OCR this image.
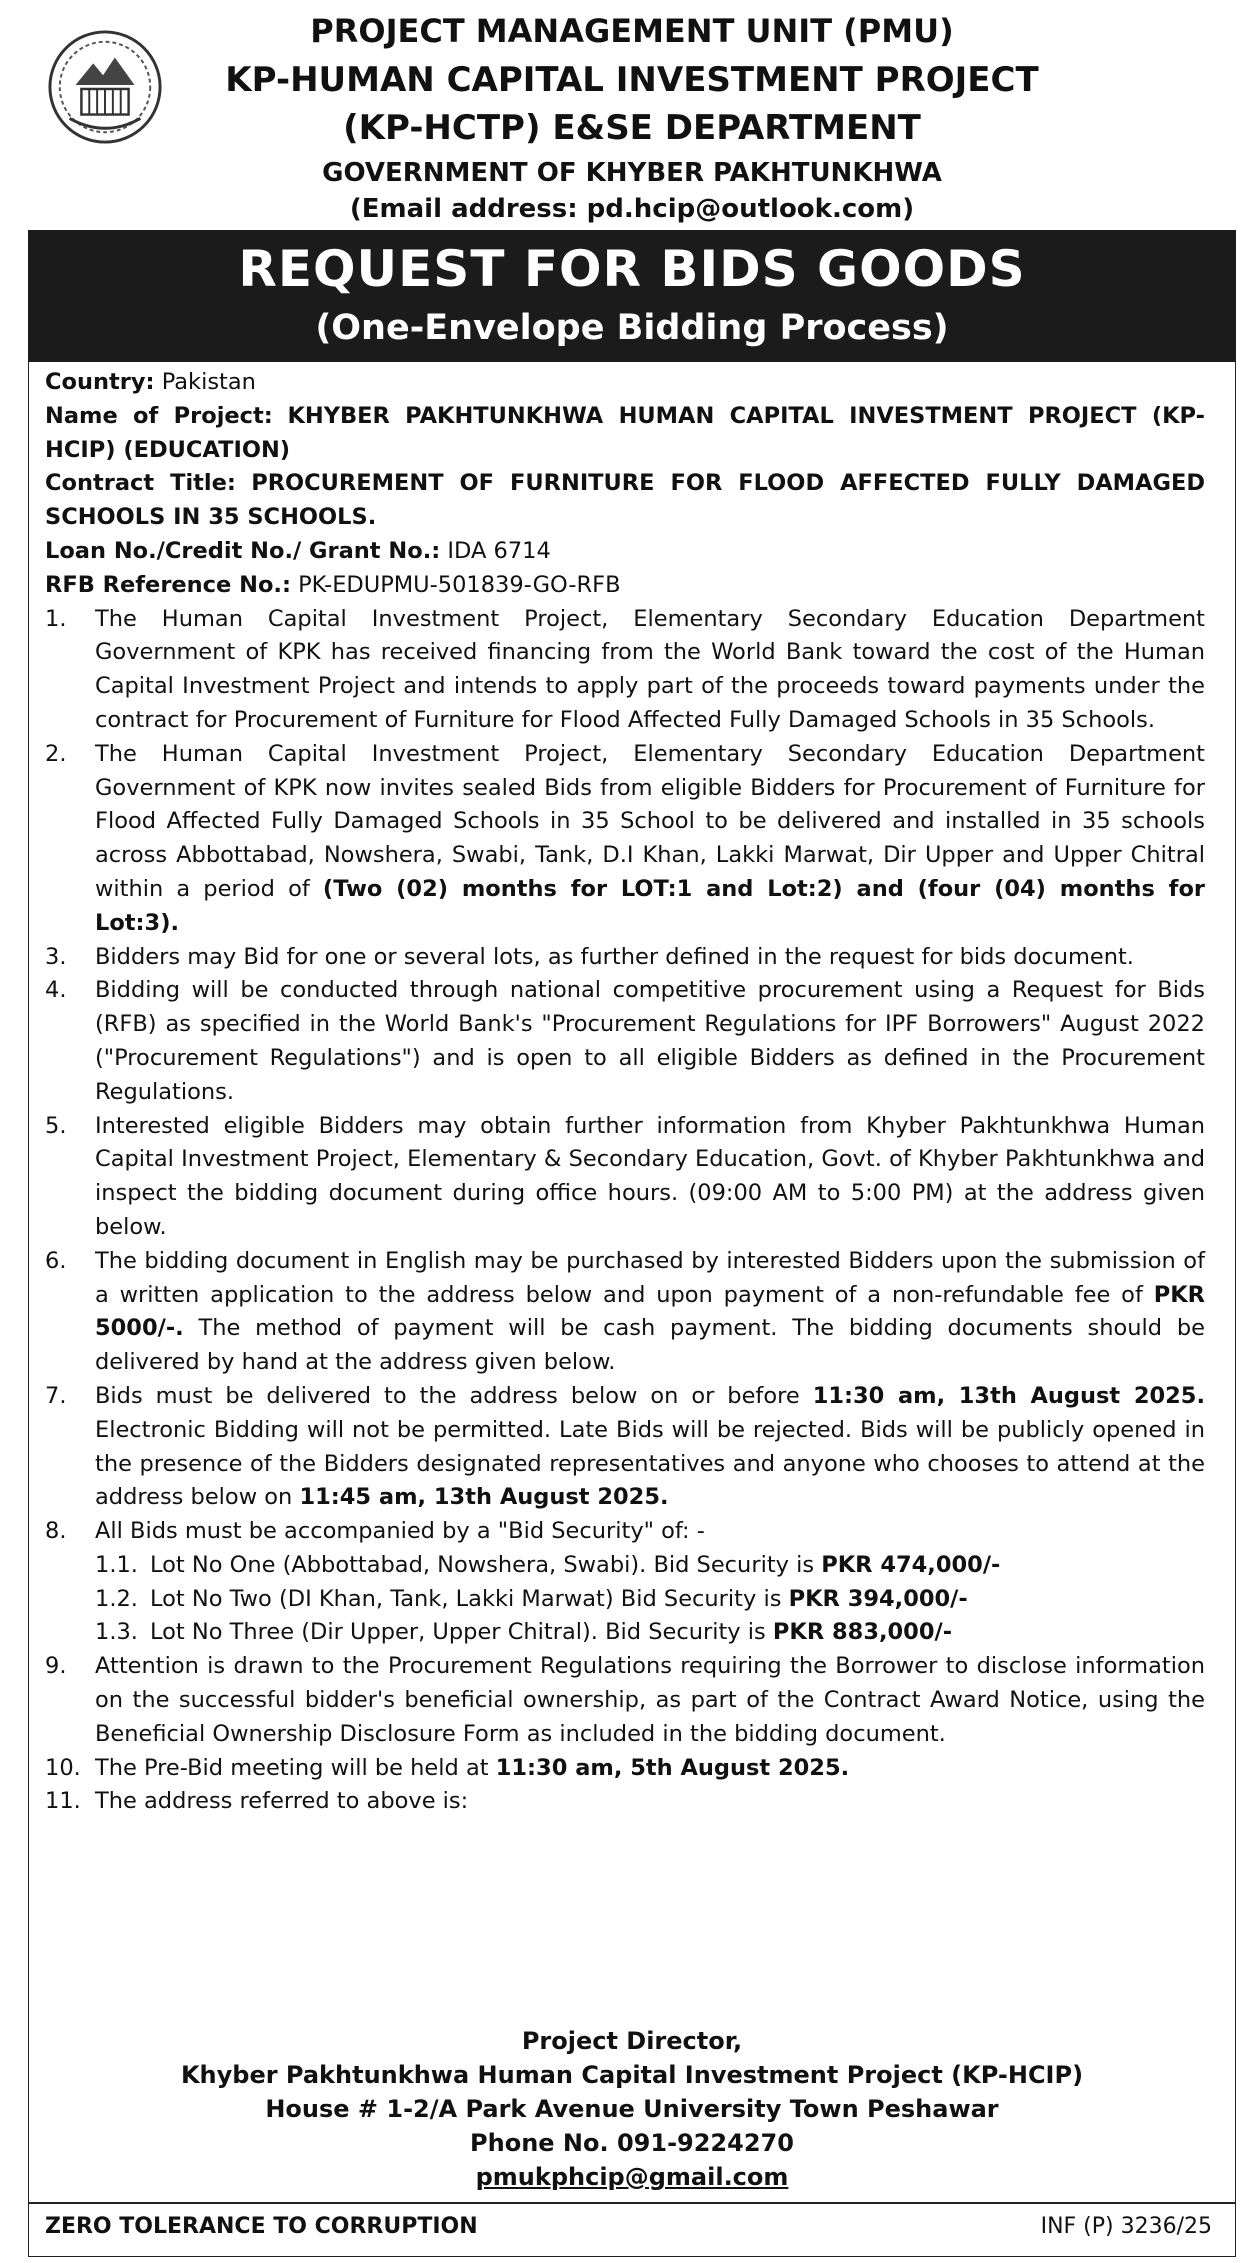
PROJECT MANAGEMENT UNIT (PMU)
KP-HUMAN CAPITAL INVESTMENT PROJECT
(KP-HCTP) E&SE DEPARTMENT
GOVERNMENT OF KHYBER PAKHTUNKHWA
(Email address: pd.hcip@outlook.com)
REQUEST FOR BIDS GOODS
(One-Envelope Bidding Process)

Country: Pakistan

Name of Project: KHYBER PAKHTUNKHWA HUMAN CAPITAL INVESTMENT PROJECT (KP-HCIP) (EDUCATION)

Contract Title: PROCUREMENT OF FURNITURE FOR FLOOD AFFECTED FULLY DAMAGED SCHOOLS IN 35 SCHOOLS.

Loan No./Credit No./ Grant No.: IDA 6714

RFB Reference No.: PK-EDUPMU-501839-GO-RFB

1. The Human Capital Investment Project, Elementary Secondary Education Department Government of KPK has received financing from the World Bank toward the cost of the Human Capital Investment Project and intends to apply part of the proceeds toward payments under the contract for Procurement of Furniture for Flood Affected Fully Damaged Schools in 35 Schools.

2. The Human Capital Investment Project, Elementary Secondary Education Department Government of KPK now invites sealed Bids from eligible Bidders for Procurement of Furniture for Flood Affected Fully Damaged Schools in 35 School to be delivered and installed in 35 schools across Abbottabad, Nowshera, Swabi, Tank, D.I Khan, Lakki Marwat, Dir Upper and Upper Chitral within a period of (Two (02) months for LOT:1 and Lot:2) and (four (04) months for Lot:3).

3. Bidders may Bid for one or several lots, as further defined in the request for bids document.

4. Bidding will be conducted through national competitive procurement using a Request for Bids (RFB) as specified in the World Bank's "Procurement Regulations for IPF Borrowers" August 2022 ("Procurement Regulations") and is open to all eligible Bidders as defined in the Procurement Regulations.

5. Interested eligible Bidders may obtain further information from Khyber Pakhtunkhwa Human Capital Investment Project, Elementary & Secondary Education, Govt. of Khyber Pakhtunkhwa and inspect the bidding document during office hours. (09:00 AM to 5:00 PM) at the address given below.

6. The bidding document in English may be purchased by interested Bidders upon the submission of a written application to the address below and upon payment of a non-refundable fee of PKR 5000/-. The method of payment will be cash payment. The bidding documents should be delivered by hand at the address given below.

7. Bids must be delivered to the address below on or before 11:30 am, 13th August 2025. Electronic Bidding will not be permitted. Late Bids will be rejected. Bids will be publicly opened in the presence of the Bidders designated representatives and anyone who chooses to attend at the address below on 11:45 am, 13th August 2025.

8. All Bids must be accompanied by a "Bid Security" of: -

1.1. Lot No One (Abbottabad, Nowshera, Swabi). Bid Security is PKR 474,000/-

1.2. Lot No Two (DI Khan, Tank, Lakki Marwat) Bid Security is PKR 394,000/-

1.3. Lot No Three (Dir Upper, Upper Chitral). Bid Security is PKR 883,000/-

9. Attention is drawn to the Procurement Regulations requiring the Borrower to disclose information on the successful bidder's beneficial ownership, as part of the Contract Award Notice, using the Beneficial Ownership Disclosure Form as included in the bidding document.

10. The Pre-Bid meeting will be held at 11:30 am, 5th August 2025.

11. The address referred to above is:

Project Director,

Khyber Pakhtunkhwa Human Capital Investment Project (KP-HCIP)

House # 1-2/A Park Avenue University Town Peshawar

Phone No. 091-9224270

pmukphcip@gmail.com

ZERO TOLERANCE TO CORRUPTION	INF (P) 3236/25
